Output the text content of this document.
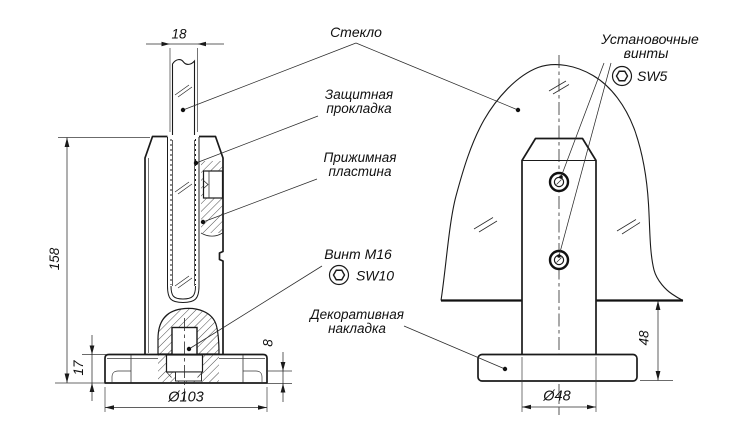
18
158
17
8
Ø103
48
Ø48
Стекло
Защитная
прокладка
Прижимная
пластина
Винт М16
SW10
Декоративная
накладка
Установочные
винты
SW5
